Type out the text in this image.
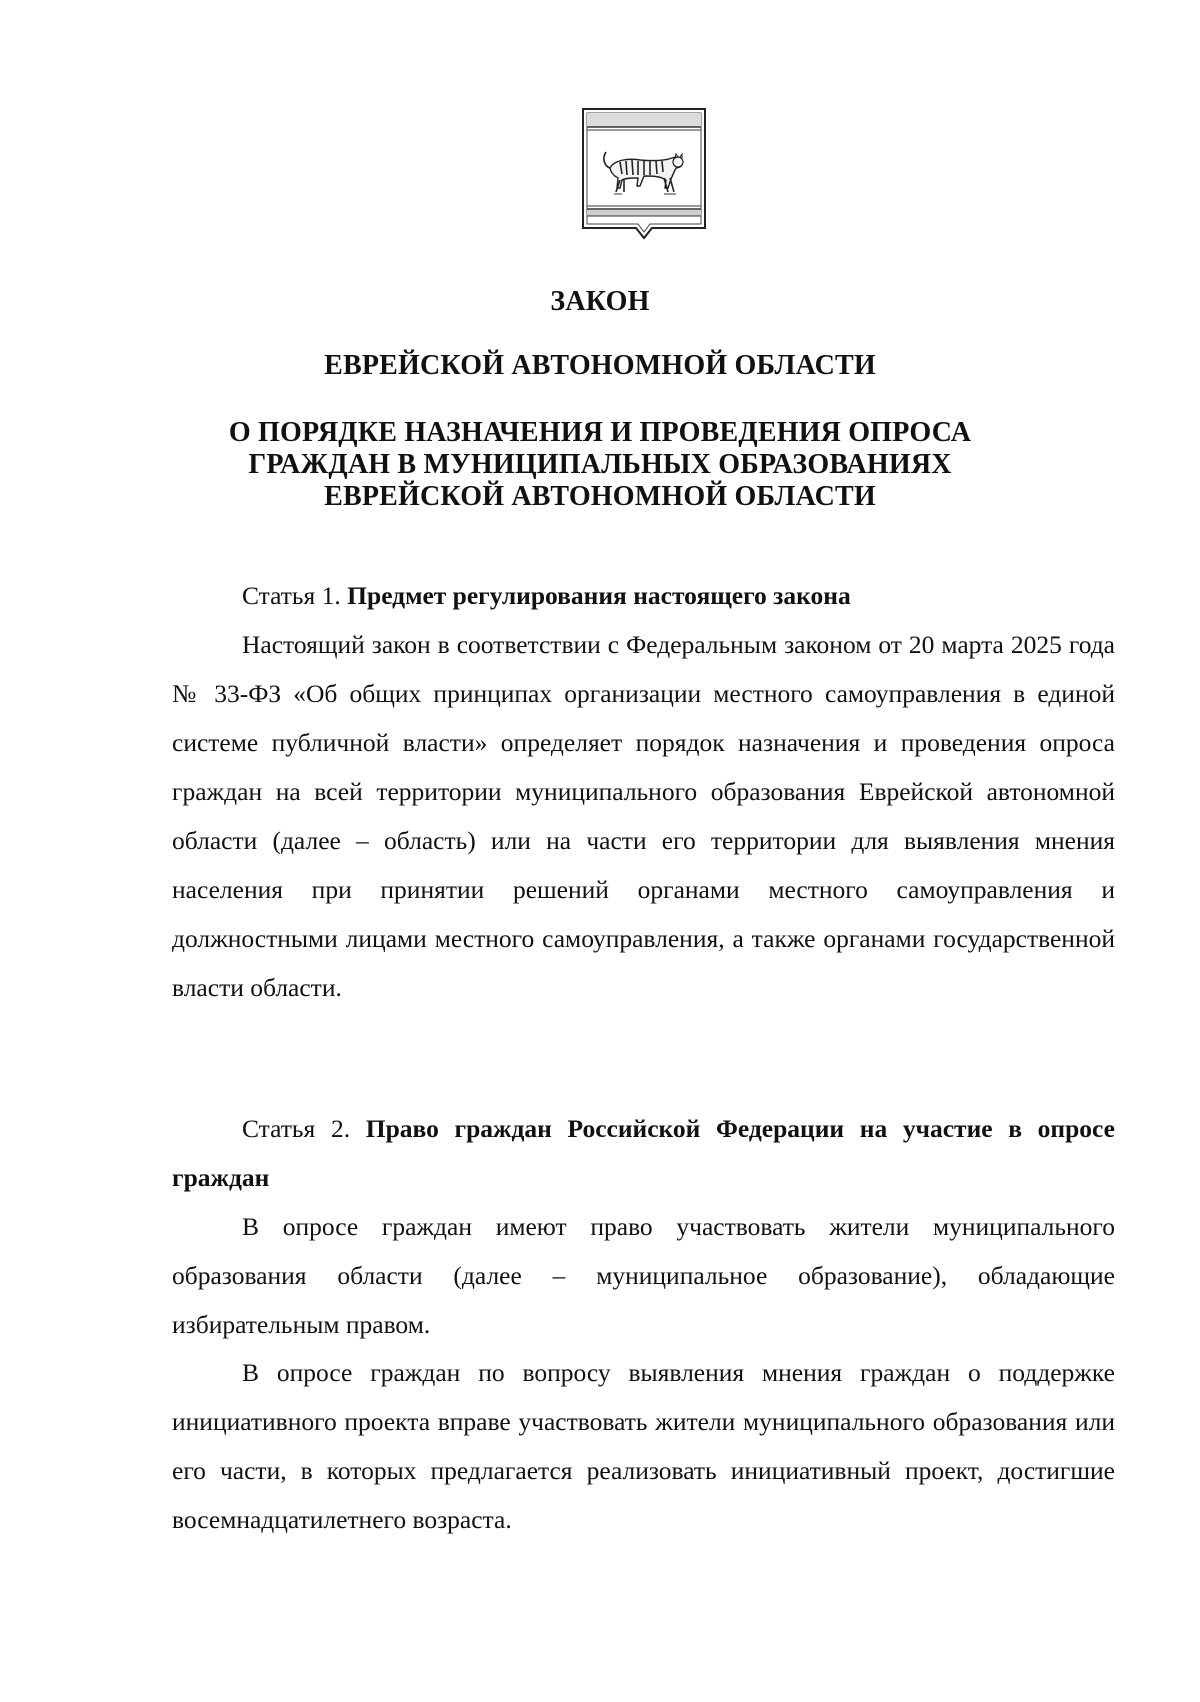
ЗАКОН
ЕВРЕЙСКОЙ АВТОНОМНОЙ ОБЛАСТИ
О ПОРЯДКЕ НАЗНАЧЕНИЯ И ПРОВЕДЕНИЯ ОПРОСА
ГРАЖДАН В МУНИЦИПАЛЬНЫХ ОБРАЗОВАНИЯХ
ЕВРЕЙСКОЙ АВТОНОМНОЙ ОБЛАСТИ
Статья 1. Предмет регулирования настоящего закона

Настоящий закон в соответствии с Федеральным законом от 20 марта 2025 года № 33-ФЗ «Об общих принципах организации местного самоуправления в единой системе публичной власти» определяет порядок назначения и проведения опроса граждан на всей территории муниципального образования Еврейской автономной области (далее – область) или на части его территории для выявления мнения населения при принятии решений органами местного самоуправления и должностными лицами местного самоуправления, а также органами государственной власти области.

Статья 2. Право граждан Российской Федерации на участие в опросе граждан

В опросе граждан имеют право участвовать жители муниципального образования области (далее – муниципальное образование), обладающие избирательным правом.

В опросе граждан по вопросу выявления мнения граждан о поддержке инициативного проекта вправе участвовать жители муниципального образования или его части, в которых предлагается реализовать инициативный проект, достигшие восемнадцатилетнего возраста.
